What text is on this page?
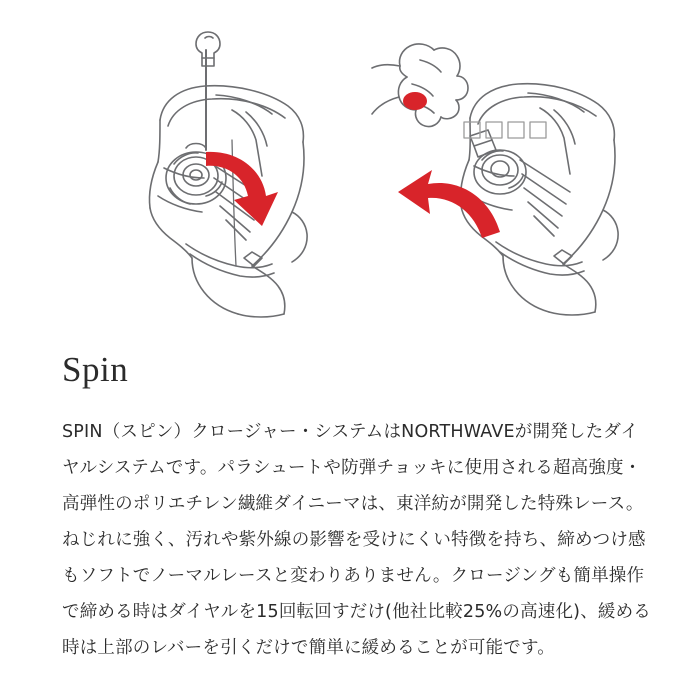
Spin

SPIN（スピン）クロージャー・システムはNORTHWAVEが開発したダイヤルシステムです。パラシュートや防弾チョッキに使用される超高強度・高弾性のポリエチレン繊維ダイニーマは、東洋紡が開発した特殊レース。ねじれに強く、汚れや紫外線の影響を受けにくい特徴を持ち、締めつけ感もソフトでノーマルレースと変わりありません。クロージングも簡単操作で締める時はダイヤルを15回転回すだけ(他社比較25%の高速化)、緩める時は上部のレバーを引くだけで簡単に緩めることが可能です。
